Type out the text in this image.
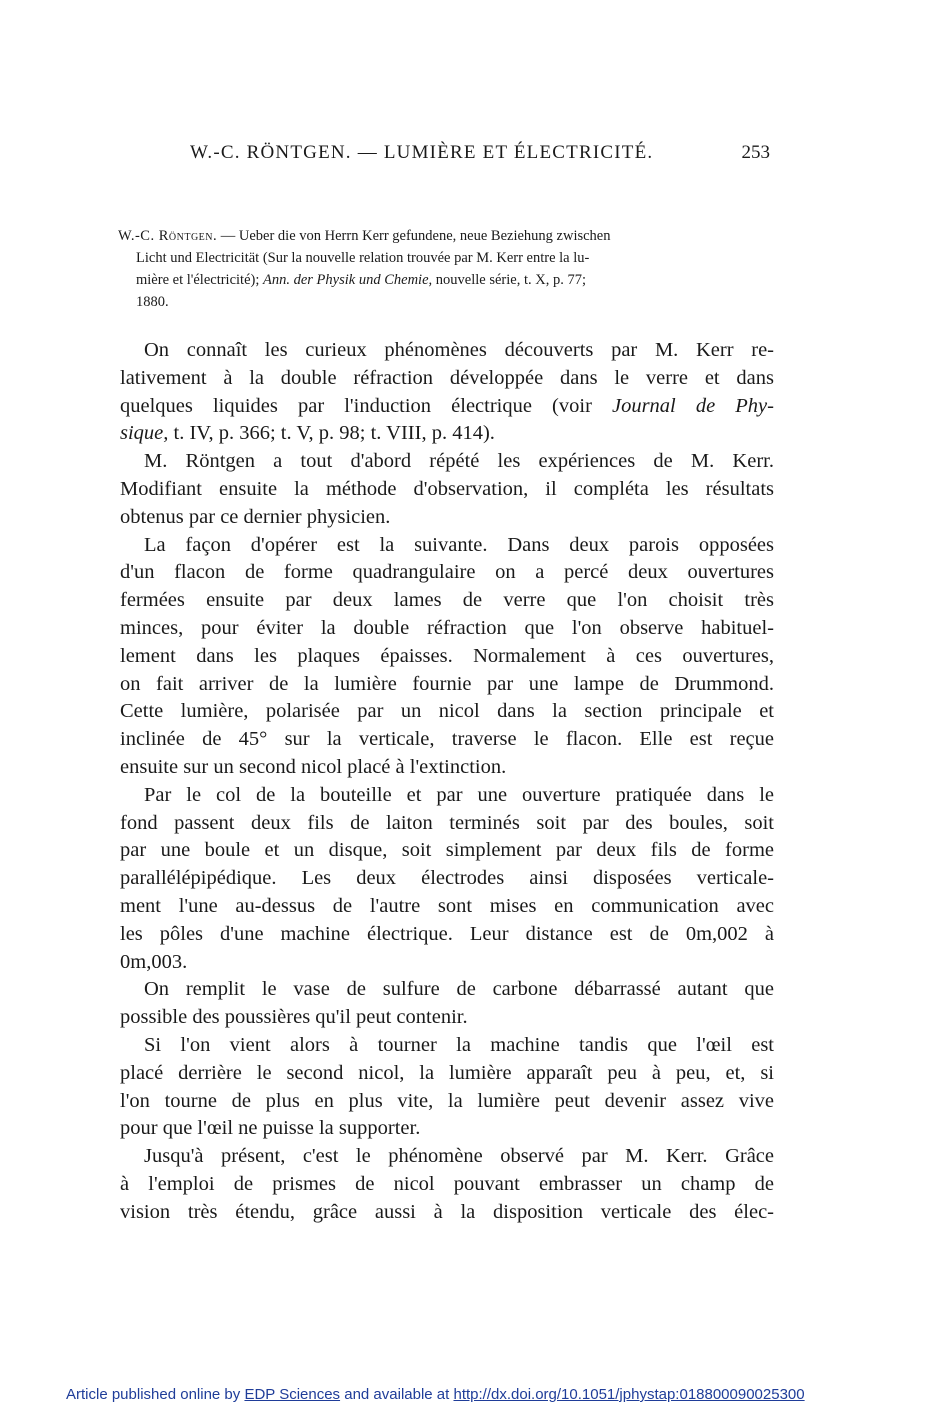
W.-C. RÖNTGEN. — LUMIÈRE ET ÉLECTRICITÉ.	253
W.-C. Röntgen. — Ueber die von Herrn Kerr gefundene, neue Beziehung zwischen
Licht und Electricität (Sur la nouvelle relation trouvée par M. Kerr entre la lu-
mière et l'électricité); Ann. der Physik und Chemie, nouvelle série, t. X, p. 77;
1880.
On connaît les curieux phénomènes découverts par M. Kerr re-
lativement à la double réfraction développée dans le verre et dans
quelques liquides par l'induction électrique (voir Journal de Phy-
sique, t. IV, p. 366; t. V, p. 98; t. VIII, p. 414).
M. Röntgen a tout d'abord répété les expériences de M. Kerr.
Modifiant ensuite la méthode d'observation, il compléta les résultats
obtenus par ce dernier physicien.
La façon d'opérer est la suivante. Dans deux parois opposées
d'un flacon de forme quadrangulaire on a percé deux ouvertures
fermées ensuite par deux lames de verre que l'on choisit très
minces, pour éviter la double réfraction que l'on observe habituel-
lement dans les plaques épaisses. Normalement à ces ouvertures,
on fait arriver de la lumière fournie par une lampe de Drummond.
Cette lumière, polarisée par un nicol dans la section principale et
inclinée de 45° sur la verticale, traverse le flacon. Elle est reçue
ensuite sur un second nicol placé à l'extinction.
Par le col de la bouteille et par une ouverture pratiquée dans le
fond passent deux fils de laiton terminés soit par des boules, soit
par une boule et un disque, soit simplement par deux fils de forme
parallélépipédique. Les deux électrodes ainsi disposées verticale-
ment l'une au-dessus de l'autre sont mises en communication avec
les pôles d'une machine électrique. Leur distance est de 0m,002 à
0m,003.
On remplit le vase de sulfure de carbone débarrassé autant que
possible des poussières qu'il peut contenir.
Si l'on vient alors à tourner la machine tandis que l'œil est
placé derrière le second nicol, la lumière apparaît peu à peu, et, si
l'on tourne de plus en plus vite, la lumière peut devenir assez vive
pour que l'œil ne puisse la supporter.
Jusqu'à présent, c'est le phénomène observé par M. Kerr. Grâce
à l'emploi de prismes de nicol pouvant embrasser un champ de
vision très étendu, grâce aussi à la disposition verticale des élec-
Article published online by EDP Sciences and available at http://dx.doi.org/10.1051/jphystap:018800090025300
